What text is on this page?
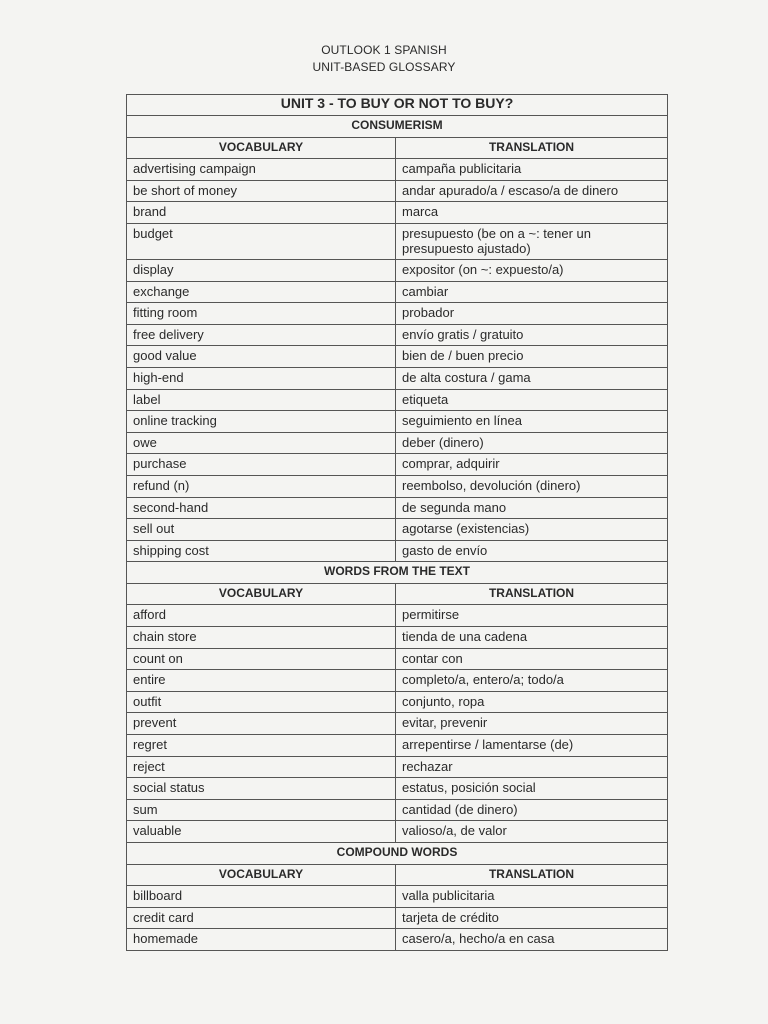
OUTLOOK 1 SPANISH
UNIT-BASED GLOSSARY
UNIT 3 - TO BUY OR NOT TO BUY?	
CONSUMERISM	
VOCABULARY	TRANSLATION
advertising campaign	campaña publicitaria
be short of money	andar apurado/a / escaso/a de dinero
brand	marca
budget	presupuesto (be on a ~: tener un presupuesto ajustado)
display	expositor (on ~: expuesto/a)
exchange	cambiar
fitting room	probador
free delivery	envío gratis / gratuito
good value	bien de / buen precio
high-end	de alta costura / gama
label	etiqueta
online tracking	seguimiento en línea
owe	deber (dinero)
purchase	comprar, adquirir
refund (n)	reembolso, devolución (dinero)
second-hand	de segunda mano
sell out	agotarse (existencias)
shipping cost	gasto de envío
WORDS FROM THE TEXT	
VOCABULARY	TRANSLATION
afford	permitirse
chain store	tienda de una cadena
count on	contar con
entire	completo/a, entero/a; todo/a
outfit	conjunto, ropa
prevent	evitar, prevenir
regret	arrepentirse / lamentarse (de)
reject	rechazar
social status	estatus, posición social
sum	cantidad (de dinero)
valuable	valioso/a, de valor
COMPOUND WORDS	
VOCABULARY	TRANSLATION
billboard	valla publicitaria
credit card	tarjeta de crédito
homemade	casero/a, hecho/a en casa
